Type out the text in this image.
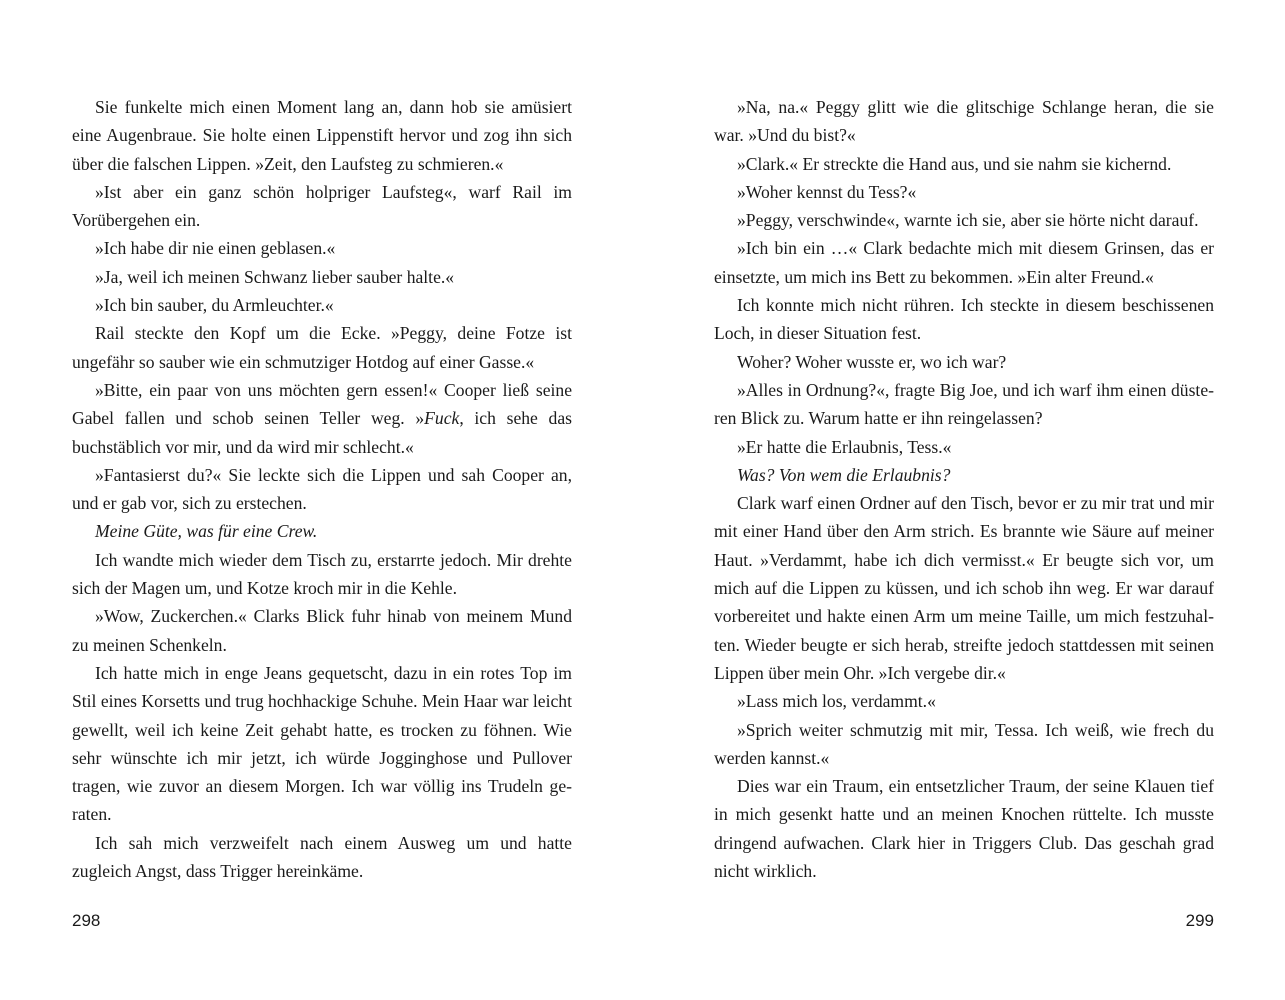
Sie funkelte mich einen Moment lang an, dann hob sie amüsiert eine Augenbraue. Sie holte einen Lippenstift hervor und zog ihn sich über die falschen Lippen. »Zeit, den Laufsteg zu schmieren.«

»Ist aber ein ganz schön holpriger Laufsteg«, warf Rail im Vorübergehen ein.

»Ich habe dir nie einen geblasen.«

»Ja, weil ich meinen Schwanz lieber sauber halte.«

»Ich bin sauber, du Armleuchter.«

Rail steckte den Kopf um die Ecke. »Peggy, deine Fotze ist ungefähr so sauber wie ein schmutziger Hotdog auf einer Gasse.«

»Bitte, ein paar von uns möchten gern essen!« Cooper ließ seine Gabel fallen und schob seinen Teller weg. »Fuck, ich sehe das buchstäblich vor mir, und da wird mir schlecht.«

»Fantasierst du?« Sie leckte sich die Lippen und sah Cooper an, und er gab vor, sich zu erstechen.

Meine Güte, was für eine Crew.

Ich wandte mich wieder dem Tisch zu, erstarrte jedoch. Mir drehte sich der Magen um, und Kotze kroch mir in die Kehle.

»Wow, Zuckerchen.« Clarks Blick fuhr hinab von meinem Mund zu meinen Schenkeln.

Ich hatte mich in enge Jeans gequetscht, dazu in ein rotes Top im Stil eines Korsetts und trug hochhackige Schuhe. Mein Haar war leicht gewellt, weil ich keine Zeit gehabt hatte, es trocken zu föhnen. Wie sehr wünschte ich mir jetzt, ich würde Jogginghose und Pullover tragen, wie zuvor an diesem Morgen. Ich war völlig ins Trudeln geraten.

Ich sah mich verzweifelt nach einem Ausweg um und hatte zugleich Angst, dass Trigger hereinkäme.

»Na, na.« Peggy glitt wie die glitschige Schlange heran, die sie war. »Und du bist?«

»Clark.« Er streckte die Hand aus, und sie nahm sie kichernd.

»Woher kennst du Tess?«

»Peggy, verschwinde«, warnte ich sie, aber sie hörte nicht darauf.

»Ich bin ein …« Clark bedachte mich mit diesem Grinsen, das er einsetzte, um mich ins Bett zu bekommen. »Ein alter Freund.«

Ich konnte mich nicht rühren. Ich steckte in diesem beschissenen Loch, in dieser Situation fest.

Woher? Woher wusste er, wo ich war?

»Alles in Ordnung?«, fragte Big Joe, und ich warf ihm einen düsteren Blick zu. Warum hatte er ihn reingelassen?

»Er hatte die Erlaubnis, Tess.«

Was? Von wem die Erlaubnis?

Clark warf einen Ordner auf den Tisch, bevor er zu mir trat und mir mit einer Hand über den Arm strich. Es brannte wie Säure auf meiner Haut. »Verdammt, habe ich dich vermisst.« Er beugte sich vor, um mich auf die Lippen zu küssen, und ich schob ihn weg. Er war darauf vorbereitet und hakte einen Arm um meine Taille, um mich festzuhalten. Wieder beugte er sich herab, streifte jedoch stattdessen mit seinen Lippen über mein Ohr. »Ich vergebe dir.«

»Lass mich los, verdammt.«

»Sprich weiter schmutzig mit mir, Tessa. Ich weiß, wie frech du werden kannst.«

Dies war ein Traum, ein entsetzlicher Traum, der seine Klauen tief in mich gesenkt hatte und an meinen Knochen rüttelte. Ich musste dringend aufwachen. Clark hier in Triggers Club. Das geschah grad nicht wirklich.

298	299
